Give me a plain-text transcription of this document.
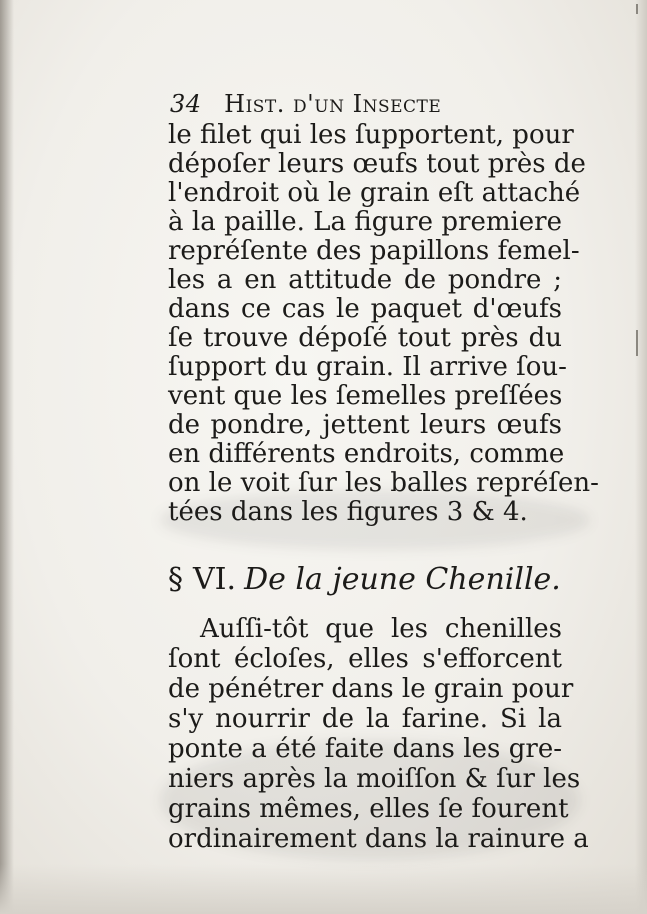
34 Hist. d'un Insecte
le filet qui les ſupportent, pour
dépoſer leurs œufs tout près de
l'endroit où le grain eſt attaché
à la paille. La figure premiere
repréſente des papillons femel-
les a en attitude de pondre ;
dans ce cas le paquet d'œufs
ſe trouve dépoſé tout près du
ſupport du grain. Il arrive ſou-
vent que les ſemelles preſſées
de pondre, jettent leurs œufs
en différents endroits, comme
on le voit ſur les balles repréſen-
tées dans les figures 3 & 4.
§ VI. De la jeune Chenille.
Auſſi-tôt que les chenilles
ſont écloſes, elles s'efforcent
de pénétrer dans le grain pour
s'y nourrir de la farine. Si la
ponte a été faite dans les gre-
niers après la moiſſon & ſur les
grains mêmes, elles ſe fourent
ordinairement dans la rainure a
